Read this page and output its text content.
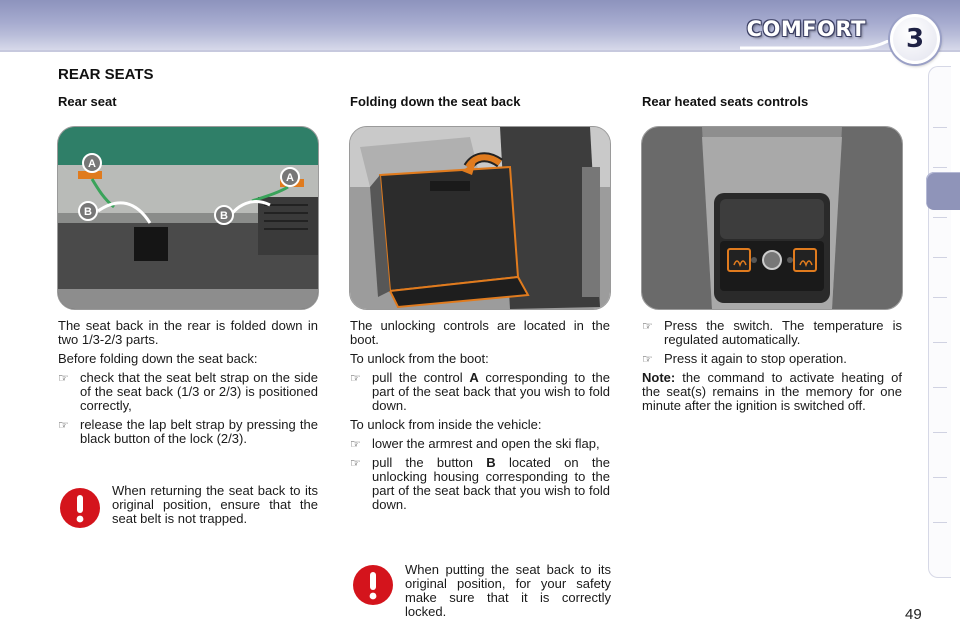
COMFORT	3
REAR SEATS
Rear seat
A
A
B	B

The seat back in the rear is folded down in two 1/3-2/3 parts.

Before folding down the seat back:

☞ check that the seat belt strap on the side of the seat back (1/3 or 2/3) is positioned correctly,
☞ release the lap belt strap by pressing the black button of the lock (2/3).
When returning the seat back to its original position, ensure that the seat belt is not trapped.
Folding down the seat back

The unlocking controls are located in the boot.

To unlock from the boot:

☞ pull the control A corresponding to the part of the seat back that you wish to fold down.

To unlock from inside the vehicle:

☞ lower the armrest and open the ski flap,
☞ pull the button B located on the unlocking housing corresponding to the part of the seat back that you wish to fold down.
When putting the seat back to its original position, for your safety make sure that it is correctly locked.
Rear heated seats controls
☞ Press the switch. The temperature is regulated automatically.
☞ Press it again to stop operation.

Note: the command to activate heating of the seat(s) remains in the memory for one minute after the ignition is switched off.

49
